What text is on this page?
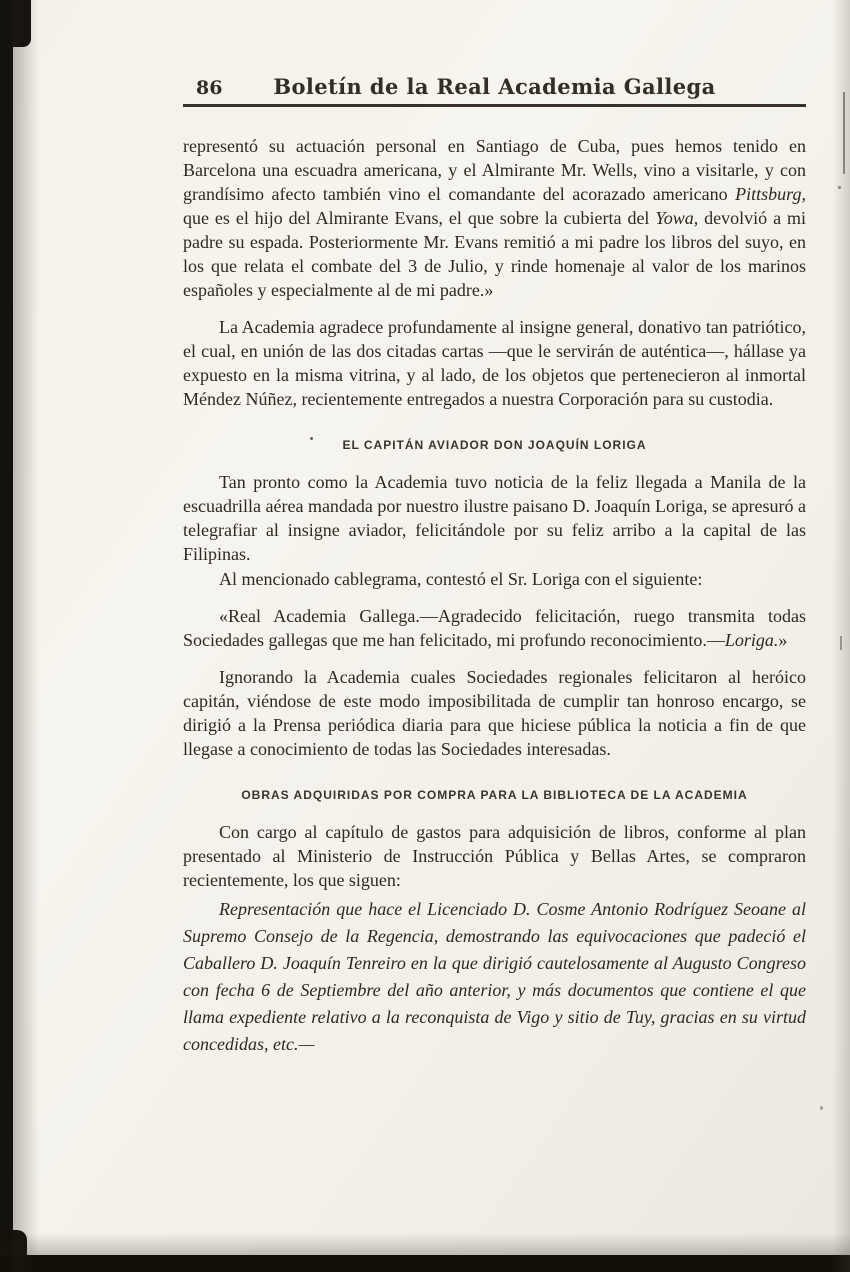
86	Boletín de la Real Academia Gallega

representó su actuación personal en Santiago de Cuba, pues hemos tenido en Barcelona una escuadra americana, y el Almirante Mr. Wells, vino a visitarle, y con grandísimo afecto también vino el comandante del acorazado americano Pittsburg, que es el hijo del Almirante Evans, el que sobre la cubierta del Yowa, devolvió a mi padre su espada. Posteriormente Mr. Evans remitió a mi padre los libros del suyo, en los que relata el combate del 3 de Julio, y rinde homenaje al valor de los marinos españoles y especialmente al de mi padre.»

La Academia agradece profundamente al insigne general, donativo tan patriótico, el cual, en unión de las dos citadas cartas —que le servirán de auténtica—, hállase ya expuesto en la misma vitrina, y al lado, de los objetos que pertenecieron al inmortal Méndez Núñez, recientemente entregados a nuestra Corporación para su custodia.

EL CAPITÁN AVIADOR DON JOAQUÍN LORIGA

Tan pronto como la Academia tuvo noticia de la feliz llegada a Manila de la escuadrilla aérea mandada por nuestro ilustre paisano D. Joaquín Loriga, se apresuró a telegrafiar al insigne aviador, felicitándole por su feliz arribo a la capital de las Filipinas.

Al mencionado cablegrama, contestó el Sr. Loriga con el siguiente:

«Real Academia Gallega.—Agradecido felicitación, ruego transmita todas Sociedades gallegas que me han felicitado, mi profundo reconocimiento.—Loriga.»

Ignorando la Academia cuales Sociedades regionales felicitaron al heróico capitán, viéndose de este modo imposibilitada de cumplir tan honroso encargo, se dirigió a la Prensa periódica diaria para que hiciese pública la noticia a fin de que llegase a conocimiento de todas las Sociedades interesadas.

OBRAS ADQUIRIDAS POR COMPRA PARA LA BIBLIOTECA DE LA ACADEMIA

Con cargo al capítulo de gastos para adquisición de libros, conforme al plan presentado al Ministerio de Instrucción Pública y Bellas Artes, se compraron recientemente, los que siguen:

Representación que hace el Licenciado D. Cosme Antonio Rodríguez Seoane al Supremo Consejo de la Regencia, demostrando las equivocaciones que padeció el Caballero D. Joaquín Tenreiro en la que dirigió cautelosamente al Augusto Congreso con fecha 6 de Septiembre del año anterior, y más documentos que contiene el que llama expediente relativo a la reconquista de Vigo y sitio de Tuy, gracias en su virtud concedidas, etc.—
